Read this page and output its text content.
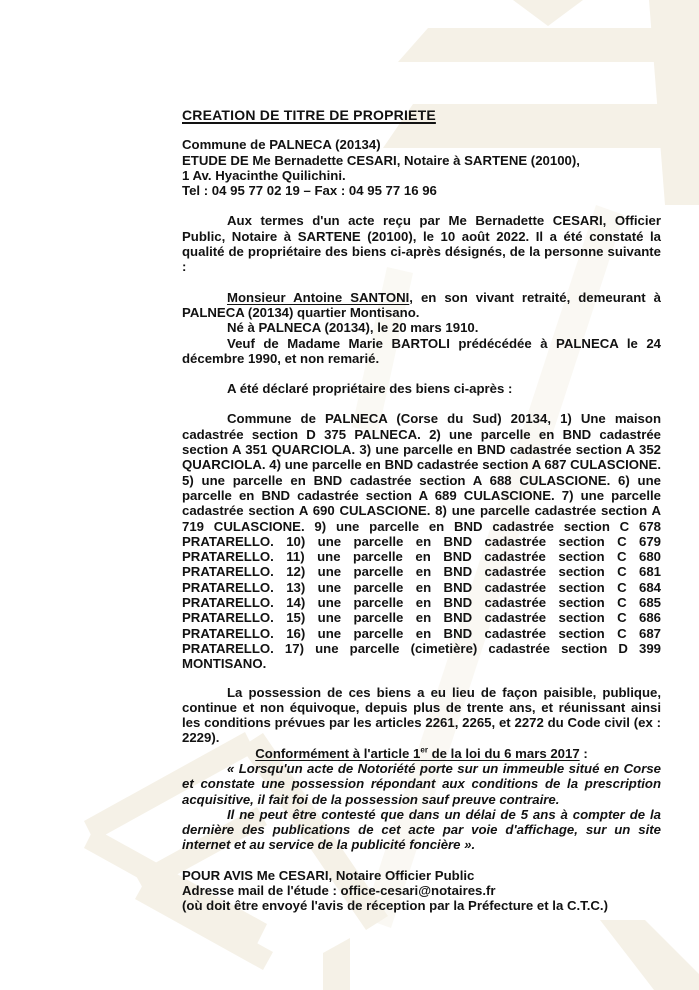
CREATION DE TITRE DE PROPRIETE
Commune de PALNECA (20134)
ETUDE DE Me Bernadette CESARI, Notaire à SARTENE (20100),
1 Av. Hyacinthe Quilichini.
Tel : 04 95 77 02 19 – Fax : 04 95 77 16 96

Aux termes d'un acte reçu par Me Bernadette CESARI, Officier Public, Notaire à SARTENE (20100), le 10 août 2022. Il a été constaté la qualité de propriétaire des biens ci-après désignés, de la personne suivante :

Monsieur Antoine SANTONI, en son vivant retraité, demeurant à PALNECA (20134) quartier Montisano.

Né à PALNECA (20134), le 20 mars 1910.

Veuf de Madame Marie BARTOLI prédécédée à PALNECA le 24 décembre 1990, et non remarié.

A été déclaré propriétaire des biens ci-après :

Commune de PALNECA (Corse du Sud) 20134, 1) Une maison cadastrée section D 375 PALNECA. 2) une parcelle en BND cadastrée section A 351 QUARCIOLA. 3) une parcelle en BND cadastrée section A 352 QUARCIOLA. 4) une parcelle en BND cadastrée section A 687 CULASCIONE. 5) une parcelle en BND cadastrée section A 688 CULASCIONE. 6) une parcelle en BND cadastrée section A 689 CULASCIONE. 7) une parcelle cadastrée section A 690 CULASCIONE. 8) une parcelle cadastrée section A 719 CULASCIONE. 9) une parcelle en BND cadastrée section C 678 PRATARELLO. 10) une parcelle en BND cadastrée section C 679 PRATARELLO. 11) une parcelle en BND cadastrée section C 680 PRATARELLO. 12) une parcelle en BND cadastrée section C 681 PRATARELLO. 13) une parcelle en BND cadastrée section C 684 PRATARELLO. 14) une parcelle en BND cadastrée section C 685 PRATARELLO. 15) une parcelle en BND cadastrée section C 686 PRATARELLO. 16) une parcelle en BND cadastrée section C 687 PRATARELLO. 17) une parcelle (cimetière) cadastrée section D 399 MONTISANO.

La possession de ces biens a eu lieu de façon paisible, publique, continue et non équivoque, depuis plus de trente ans, et réunissant ainsi les conditions prévues par les articles 2261, 2265, et 2272 du Code civil (ex : 2229).

Conformément à l'article 1er de la loi du 6 mars 2017 :

« Lorsqu'un acte de Notoriété porte sur un immeuble situé en Corse et constate une possession répondant aux conditions de la prescription acquisitive, il fait foi de la possession sauf preuve contraire.

Il ne peut être contesté que dans un délai de 5 ans à compter de la dernière des publications de cet acte par voie d'affichage, sur un site internet et au service de la publicité foncière ».

POUR AVIS Me CESARI, Notaire Officier Public
Adresse mail de l'étude : office-cesari@notaires.fr
(où doit être envoyé l'avis de réception par la Préfecture et la C.T.C.)
